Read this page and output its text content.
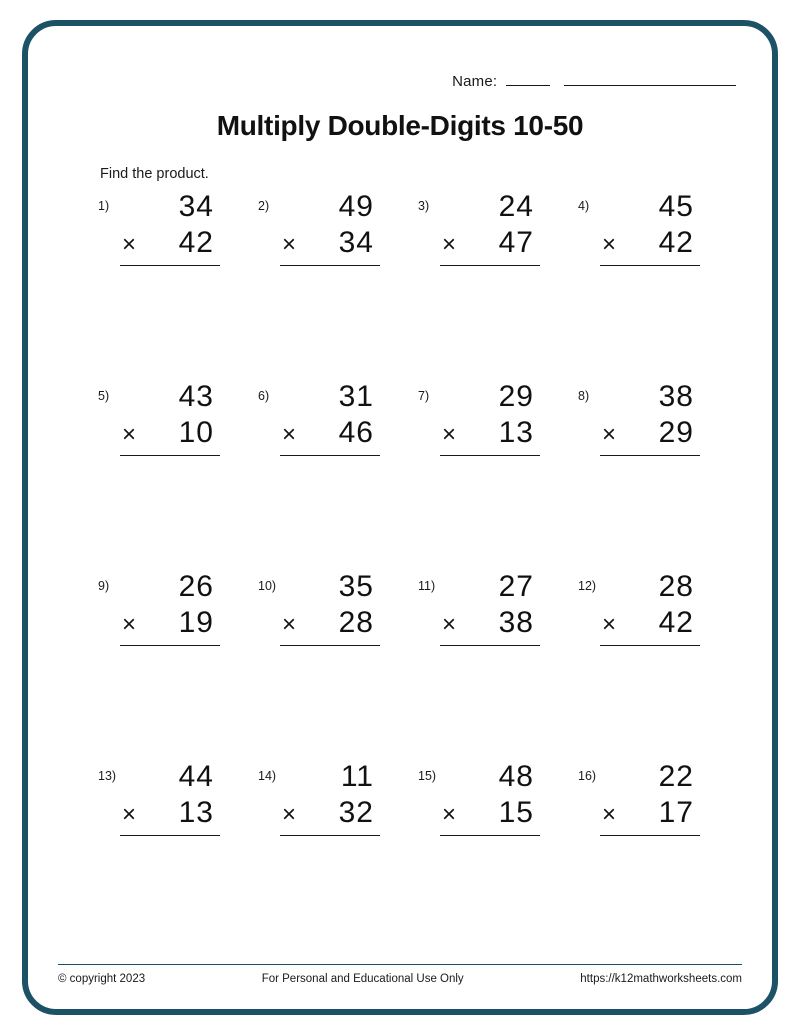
Name:
Multiply Double-Digits 10-50
Find the product.
1)	34
× 42
2)	49
× 34
3)	24
× 47
4)	45
× 42
5)	43
× 10
6)	31
× 46
7)	29
× 13
8)	38
× 29
9)	26
× 19
10)	35
× 28
11)	27
× 38
12)	28
× 42
13)	44
× 13
14)	11
× 32
15)	48
× 15
16)	22
× 17
© copyright 2023	For Personal and Educational Use Only	https://k12mathworksheets.com
